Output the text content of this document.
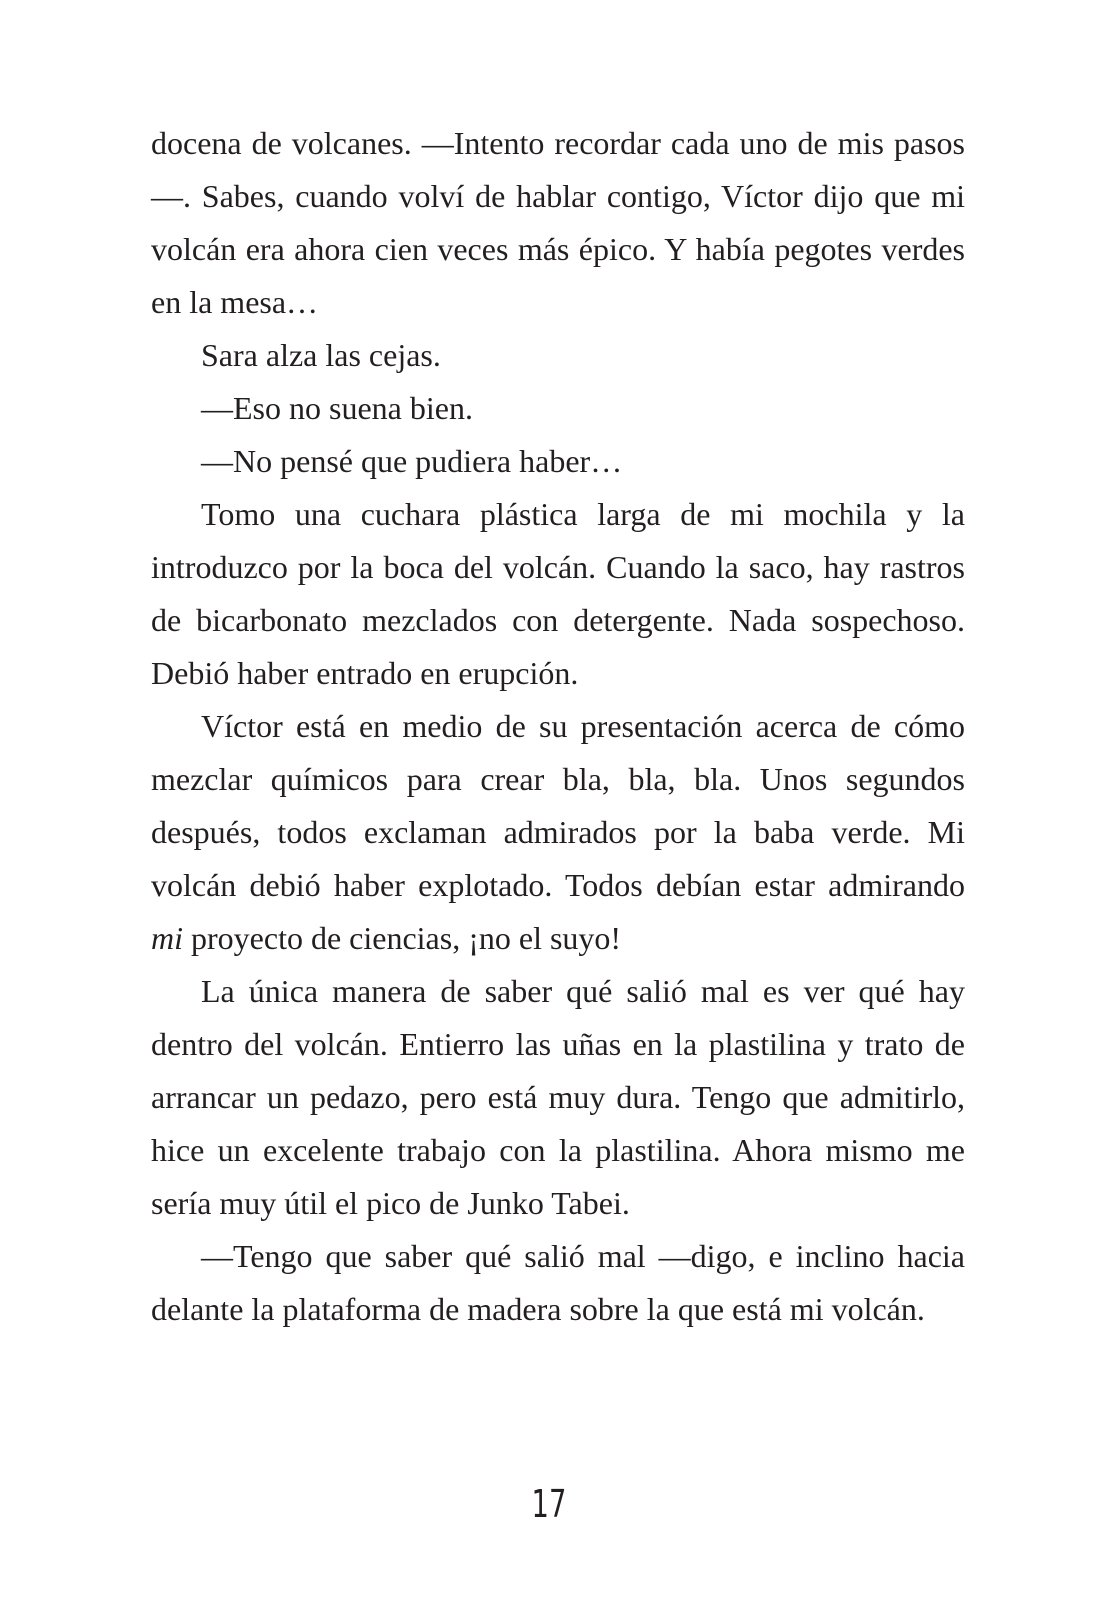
docena de volcanes. —Intento recordar cada uno de mis pasos—. Sabes, cuando volví de hablar contigo, Víctor dijo que mi volcán era ahora cien veces más épico. Y había pegotes verdes en la mesa…

Sara alza las cejas.

—Eso no suena bien.

—No pensé que pudiera haber…

Tomo una cuchara plástica larga de mi mochila y la introduzco por la boca del volcán. Cuando la saco, hay rastros de bicarbonato mezclados con detergente. Nada sospechoso. Debió haber entrado en erupción.

Víctor está en medio de su presentación acerca de cómo mezclar químicos para crear bla, bla, bla. Unos segundos después, todos exclaman admirados por la baba verde. Mi volcán debió haber explotado. Todos debían estar admirando mi proyecto de ciencias, ¡no el suyo!

La única manera de saber qué salió mal es ver qué hay dentro del volcán. Entierro las uñas en la plastilina y trato de arrancar un pedazo, pero está muy dura. Tengo que admitirlo, hice un excelente trabajo con la plastilina. Ahora mismo me sería muy útil el pico de Junko Tabei.

—Tengo que saber qué salió mal —digo, e inclino hacia delante la plataforma de madera sobre la que está mi volcán.

17
